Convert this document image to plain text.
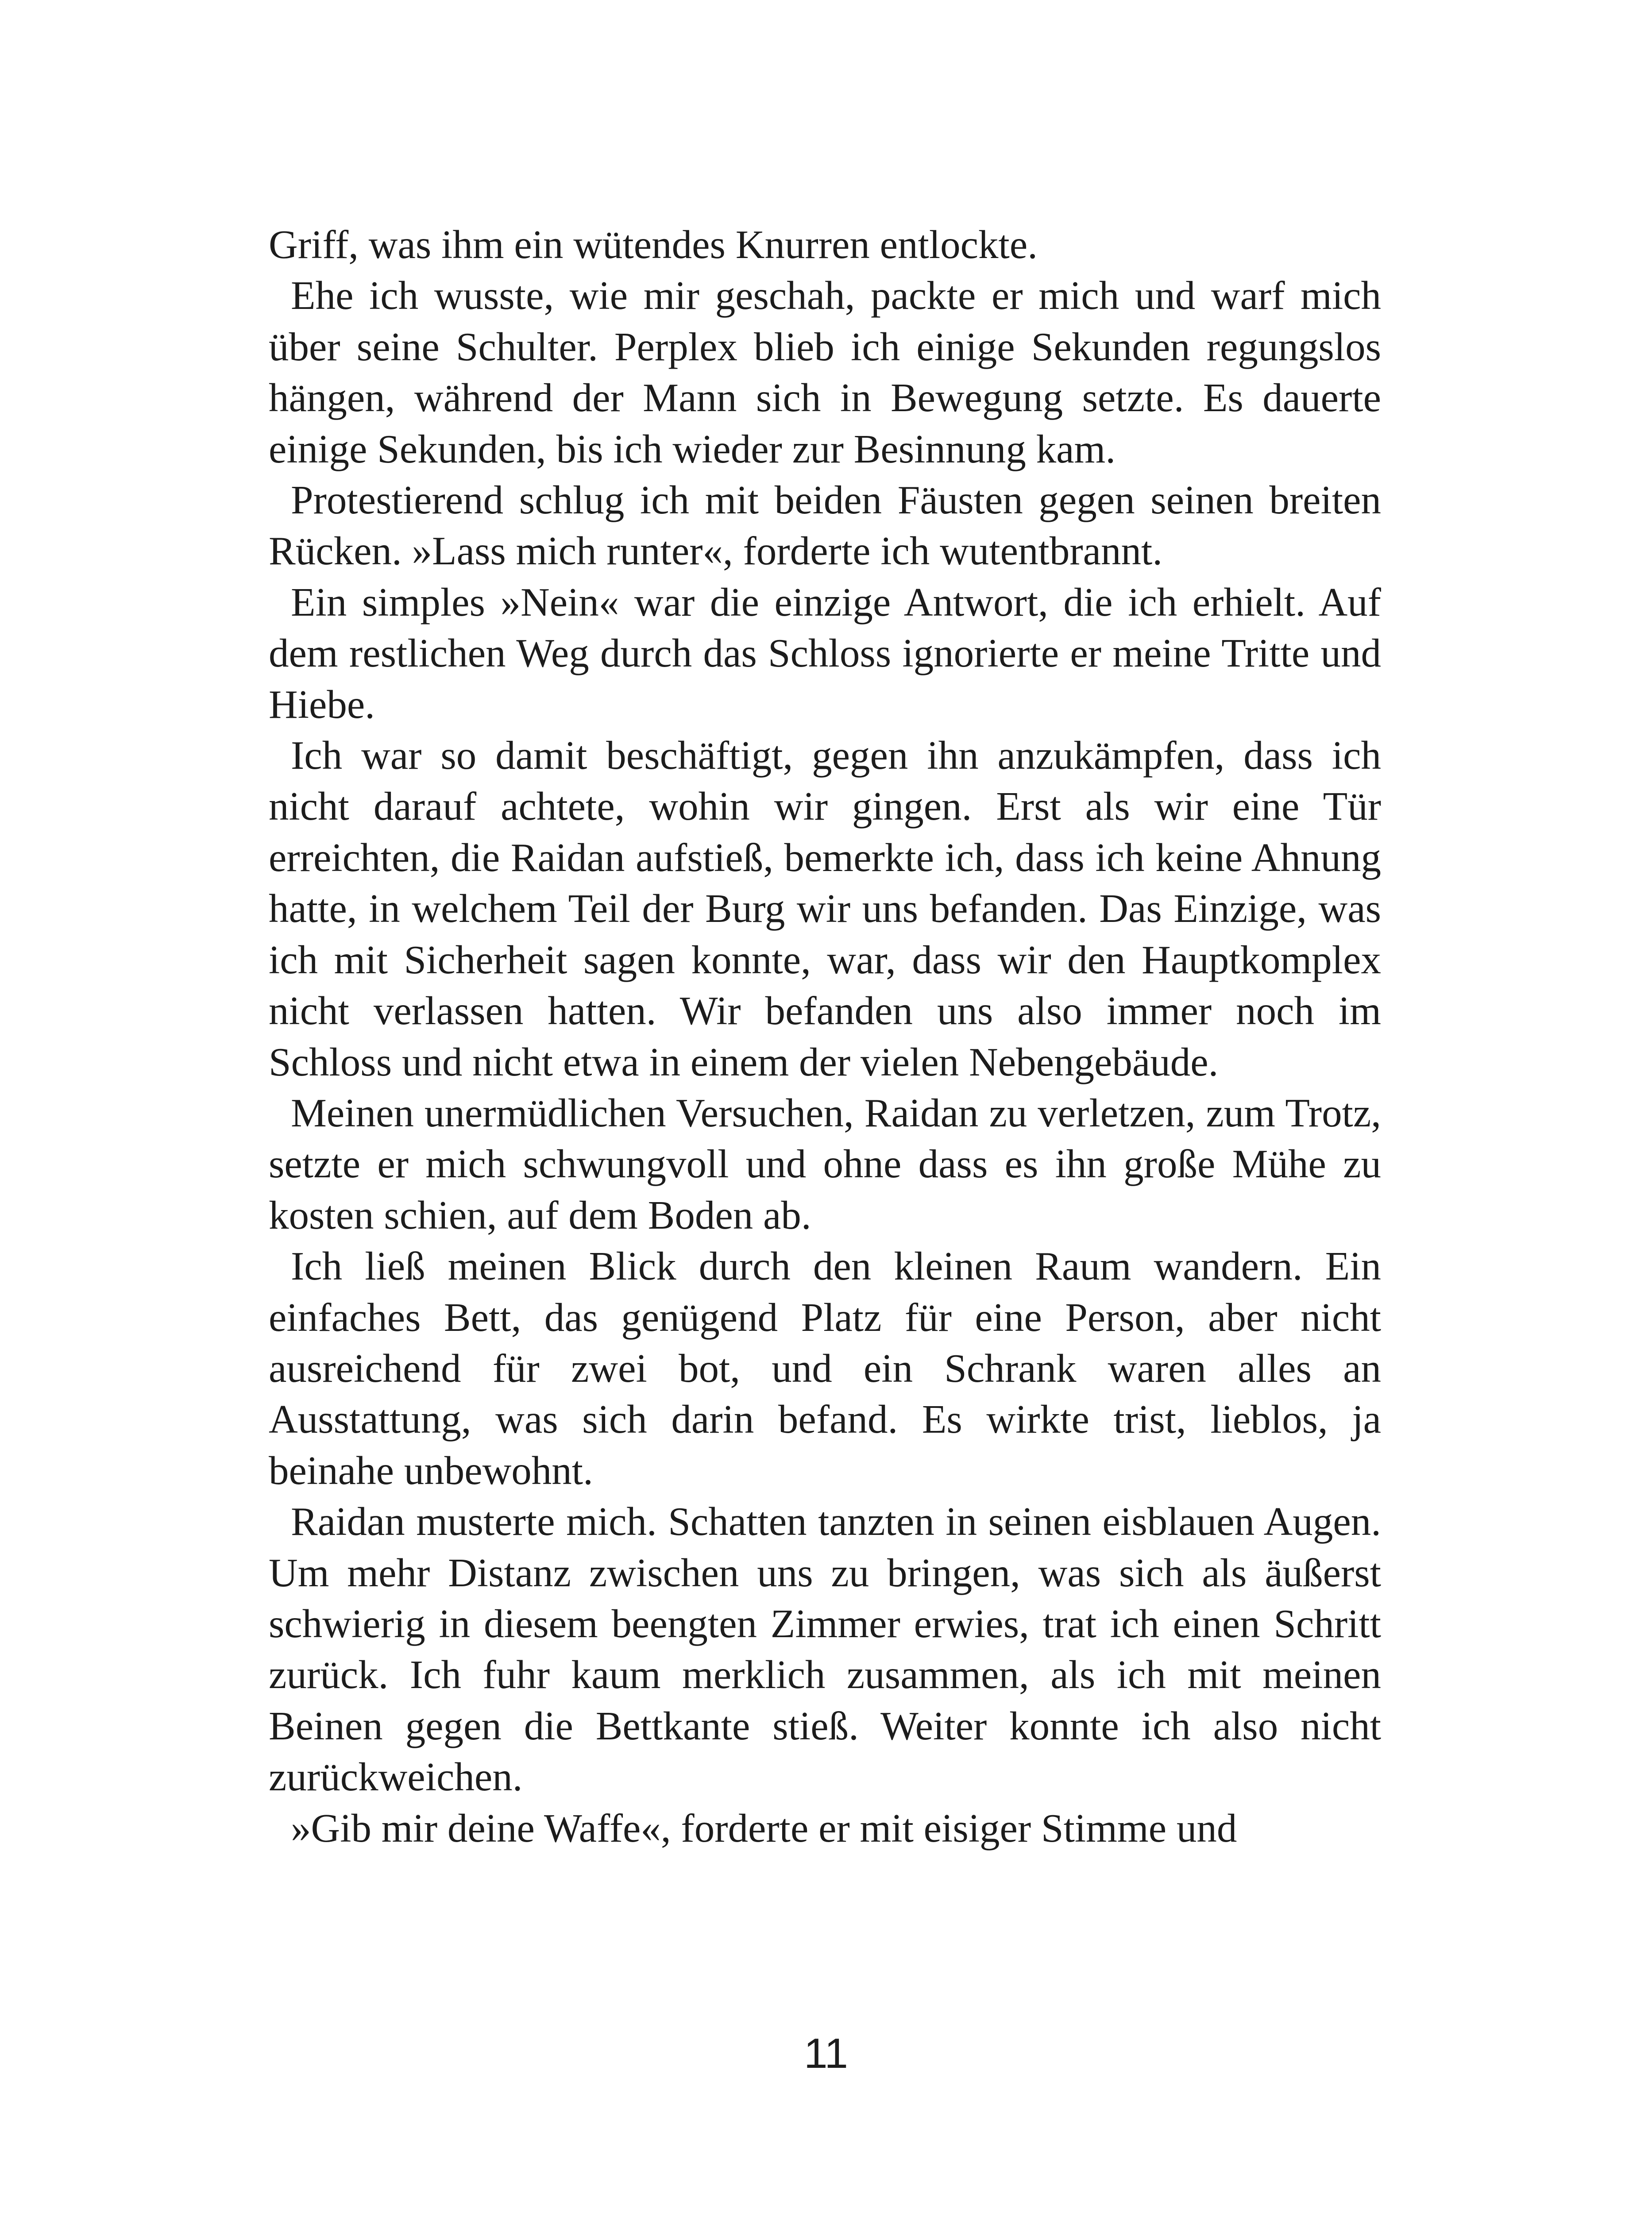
Griff, was ihm ein wütendes Knurren entlockte.

Ehe ich wusste, wie mir geschah, packte er mich und warf mich über seine Schulter. Perplex blieb ich einige Sekunden regungslos hängen, während der Mann sich in Bewegung setzte. Es dauerte einige Sekunden, bis ich wieder zur Besinnung kam.

Protestierend schlug ich mit beiden Fäusten gegen seinen breiten Rücken. »Lass mich runter«, forderte ich wutentbrannt.

Ein simples »Nein« war die einzige Antwort, die ich erhielt. Auf dem restlichen Weg durch das Schloss ignorierte er meine Tritte und Hiebe.

Ich war so damit beschäftigt, gegen ihn anzukämpfen, dass ich nicht darauf achtete, wohin wir gingen. Erst als wir eine Tür erreichten, die Raidan aufstieß, bemerkte ich, dass ich keine Ahnung hatte, in welchem Teil der Burg wir uns befanden. Das Einzige, was ich mit Sicherheit sagen konnte, war, dass wir den Hauptkomplex nicht verlassen hatten. Wir befanden uns also immer noch im Schloss und nicht etwa in einem der vielen Nebengebäude.

Meinen unermüdlichen Versuchen, Raidan zu verletzen, zum Trotz, setzte er mich schwungvoll und ohne dass es ihn große Mühe zu kosten schien, auf dem Boden ab.

Ich ließ meinen Blick durch den kleinen Raum wandern. Ein einfaches Bett, das genügend Platz für eine Person, aber nicht ausreichend für zwei bot, und ein Schrank waren alles an Ausstattung, was sich darin befand. Es wirkte trist, lieblos, ja beinahe unbewohnt.

Raidan musterte mich. Schatten tanzten in seinen eisblauen Augen. Um mehr Distanz zwischen uns zu bringen, was sich als äußerst schwierig in diesem beengten Zimmer erwies, trat ich einen Schritt zurück. Ich fuhr kaum merklich zusammen, als ich mit meinen Beinen gegen die Bettkante stieß. Weiter konnte ich also nicht zurückweichen.

»Gib mir deine Waffe«, forderte er mit eisiger Stimme und

11
